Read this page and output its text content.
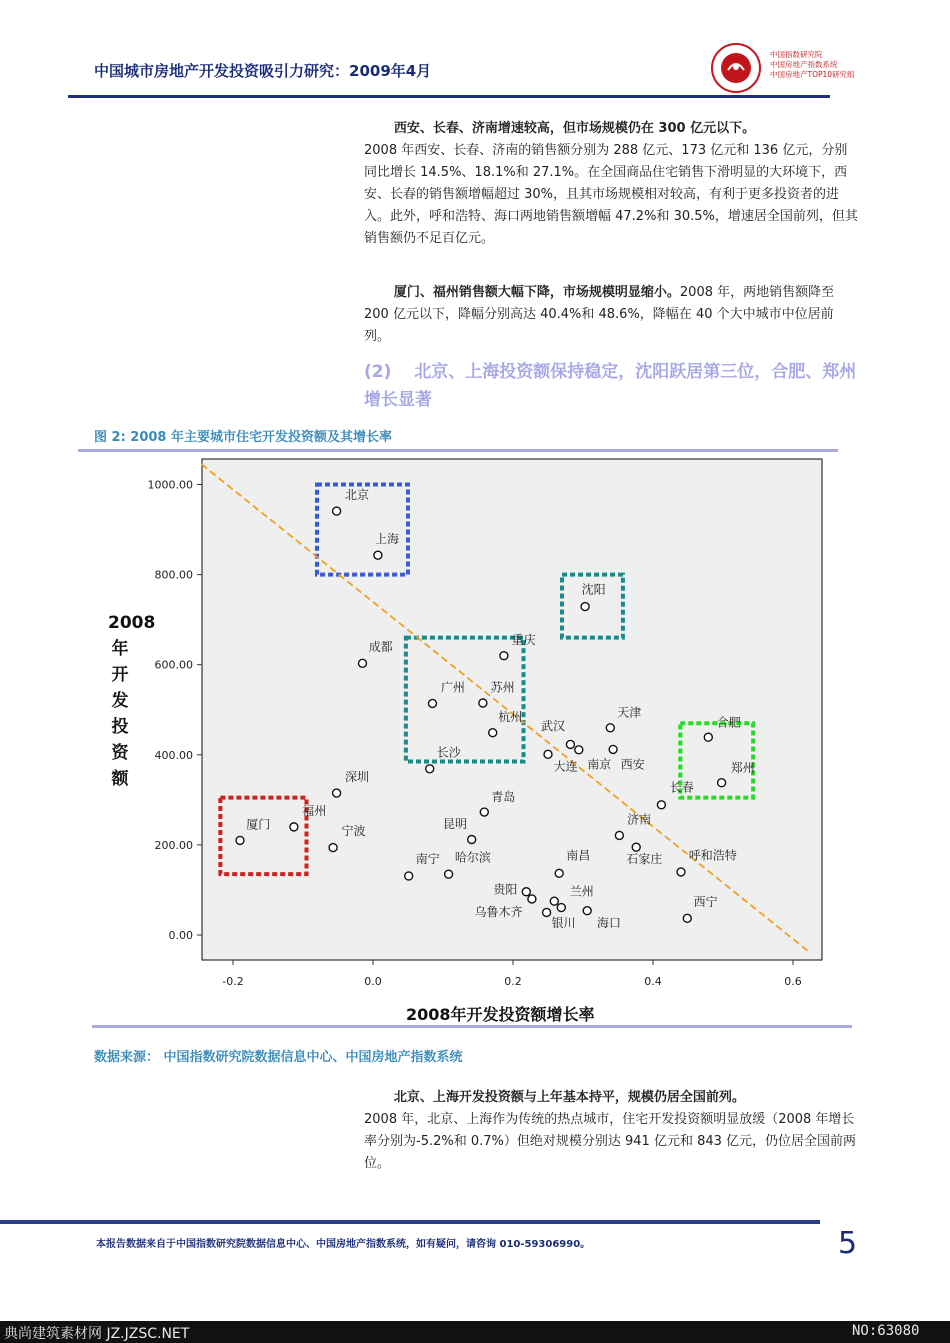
中国城市房地产开发投资吸引力研究：2009年4月
中国指数研究院
中国房地产指数系统
中国房地产TOP10研究组
西安、长春、济南增速较高，但市场规模仍在 300 亿元以下。
2008 年西安、长春、济南的销售额分别为 288 亿元、173 亿元和 136 亿元，分别同比增长 14.5%、18.1%和 27.1%。在全国商品住宅销售下滑明显的大环境下，西安、长春的销售额增幅超过 30%，且其市场规模相对较高，有利于更多投资者的进入。此外，呼和浩特、海口两地销售额增幅 47.2%和 30.5%，增速居全国前列，但其销售额仍不足百亿元。
厦门、福州销售额大幅下降，市场规模明显缩小。2008 年，两地销售额降至 200 亿元以下，降幅分别高达 40.4%和 48.6%，降幅在 40 个大中城市中位居前列。
(2)　 北京、上海投资额保持稳定，沈阳跃居第三位，合肥、郑州增长显著
图 2: 2008 年主要城市住宅开发投资额及其增长率
0.00
200.00
400.00
600.00
800.00
1000.00
-0.2	0.0	0.2	0.4	0.6
北京
上海
沈阳
重庆
成都
广州 苏州
杭州
武汉
天津
合肥
长沙
大连 南京 西安	郑州
长春
深圳
青岛
福州
济南
厦门	昆明
宁波
南宁 哈尔滨	南昌	呼和浩特
石家庄
贵阳	兰州
西宁
乌鲁木齐
银川 海口
2008年开发投资额
2008年开发投资额增长率
数据来源： 中国指数研究院数据信息中心、中国房地产指数系统
北京、上海开发投资额与上年基本持平，规模仍居全国前列。
2008 年，北京、上海作为传统的热点城市，住宅开发投资额明显放缓（2008 年增长率分别为-5.2%和 0.7%）但绝对规模分别达 941 亿元和 843 亿元，仍位居全国前两位。
本报告数据来自于中国指数研究院数据信息中心、中国房地产指数系统，如有疑问，请咨询 010-59306990。	5
典尚建筑素材网 JZ.JZSC.NET	NO:63080
